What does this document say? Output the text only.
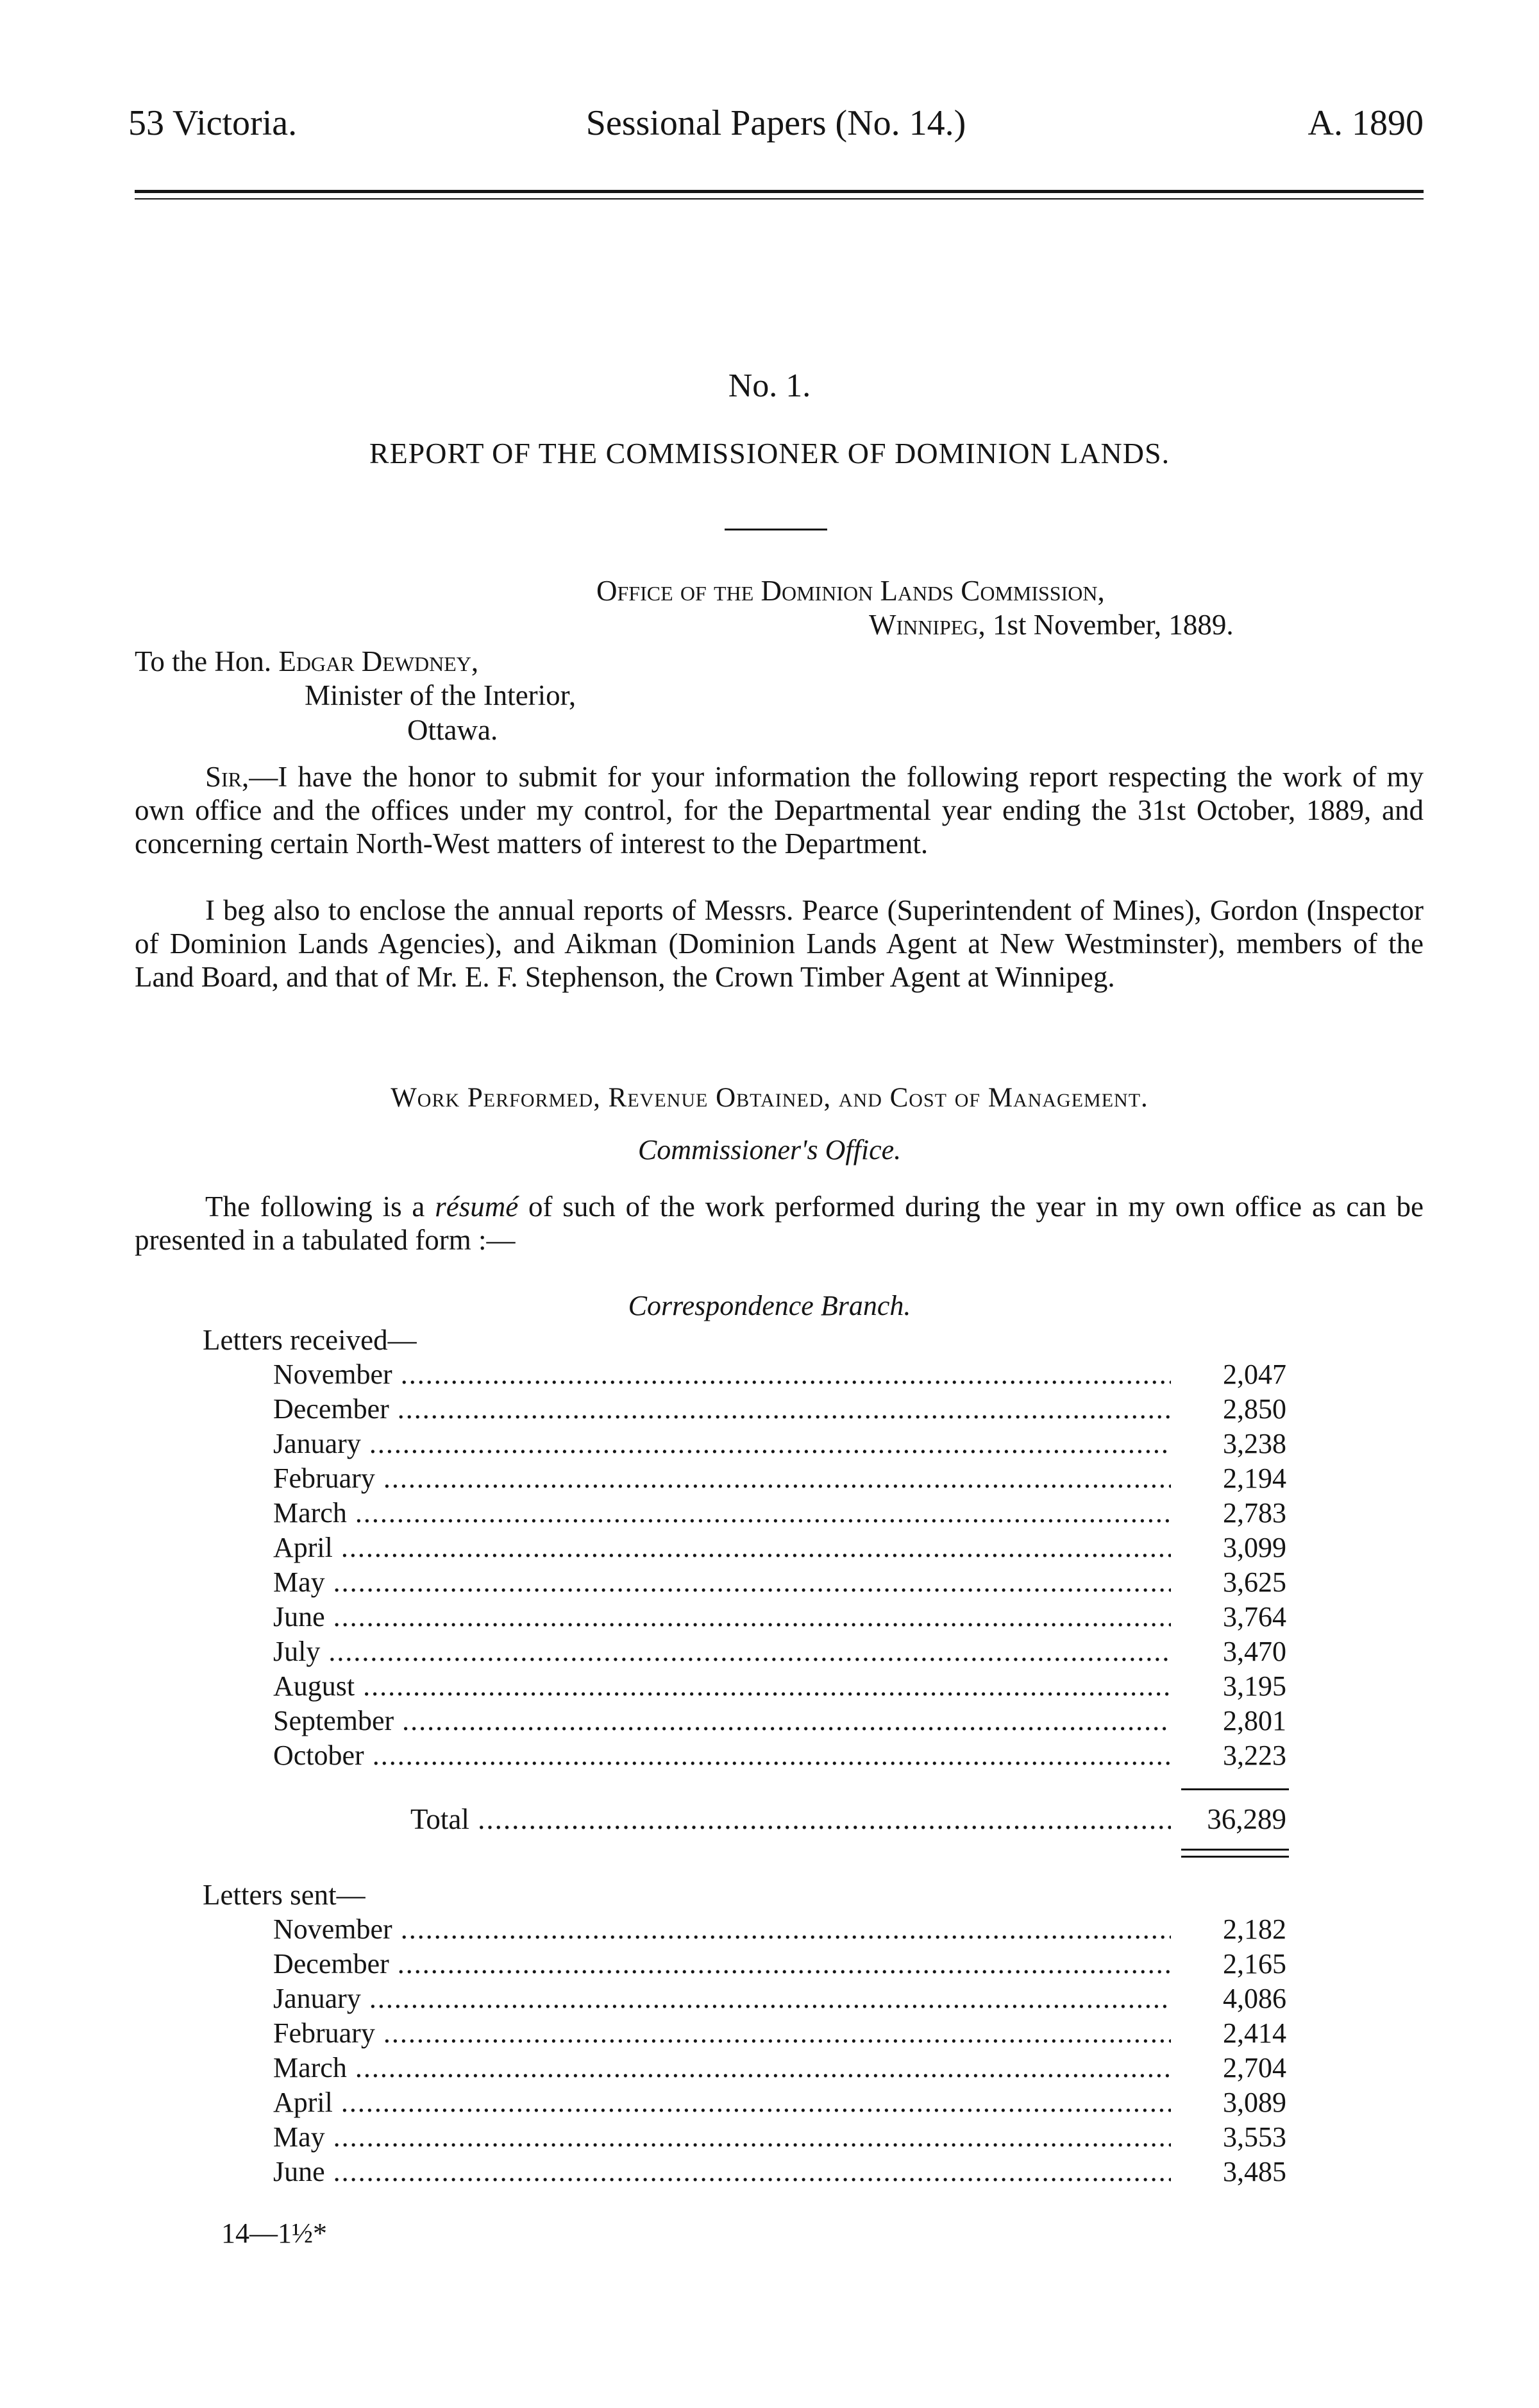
53 Victoria.	Sessional Papers (No. 14.)	A. 1890
No. 1.
REPORT OF THE COMMISSIONER OF DOMINION LANDS.
Office of the Dominion Lands Commission,
Winnipeg, 1st November, 1889.
To the Hon. Edgar Dewdney,
Minister of the Interior,
Ottawa.
Sir,—I have the honor to submit for your information the following report respecting the work of my own office and the offices under my control, for the Departmental year ending the 31st October, 1889, and concerning certain North-West matters of interest to the Department.
I beg also to enclose the annual reports of Messrs. Pearce (Superintendent of Mines), Gordon (Inspector of Dominion Lands Agencies), and Aikman (Dominion Lands Agent at New Westminster), members of the Land Board, and that of Mr. E. F. Stephenson, the Crown Timber Agent at Winnipeg.
Work Performed, Revenue Obtained, and Cost of Management.
Commissioner's Office.
The following is a résumé of such of the work performed during the year in my own office as can be presented in a tabulated form :—
Correspondence Branch.
Letters received—
November .....	2,047
December .....	2,850
January .....	3,238
February .....	2,194
March .....	2,783
April .....	3,099
May .....	3,625
June .....	3,764
July .....	3,470
August .....	3,195
September .....	2,801
October .....	3,223
Total .....	36,289
Letters sent—
November .....	2,182
December .....	2,165
January .....	4,086
February .....	2,414
March .....	2,704
April .....	3,089
May .....	3,553
June .....	3,485
14—1½*
